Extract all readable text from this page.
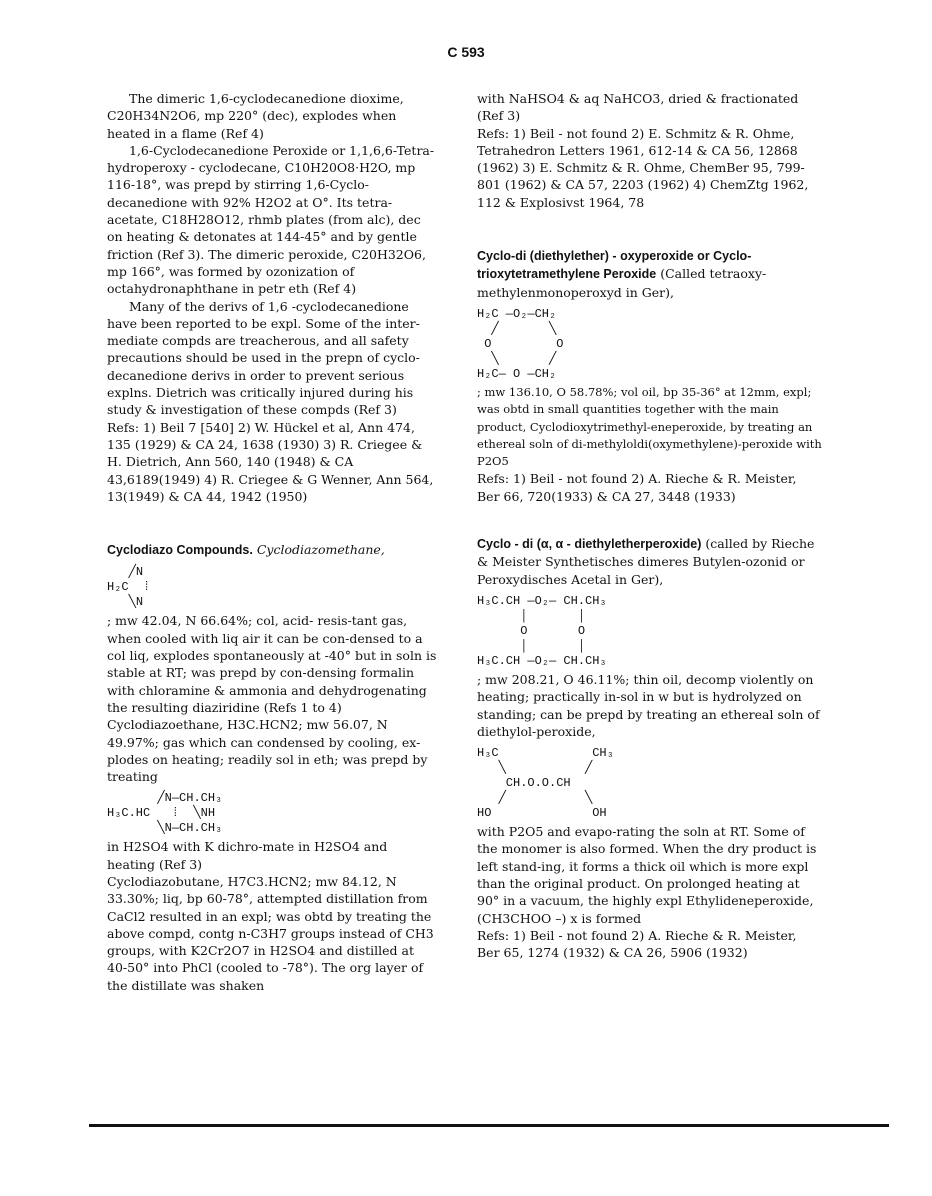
C 593

The dimeric 1,6-cyclodecanedione dioxime, C20H34N2O6, mp 220° (dec), explodes when heated in a flame (Ref 4)

1,6-Cyclodecanedione Peroxide or 1,1,6,6-Tetra-hydroperoxy - cyclodecane, C10H20O8·H2O, mp 116-18°, was prepd by stirring 1,6-Cyclo-decanedione with 92% H2O2 at O°. Its tetra-acetate, C18H28O12, rhmb plates (from alc), dec on heating & detonates at 144-45° and by gentle friction (Ref 3). The dimeric peroxide, C20H32O6, mp 166°, was formed by ozonization of octahydronaphthane in petr eth (Ref 4)

Many of the derivs of 1,6 -cyclodecanedione have been reported to be expl. Some of the inter-mediate compds are treacherous, and all safety precautions should be used in the prepn of cyclo-decanedione derivs in order to prevent serious explns. Dietrich was critically injured during his study & investigation of these compds (Ref 3)

Refs: 1) Beil 7 [540] 2) W. Hückel et al, Ann 474, 135 (1929) & CA 24, 1638 (1930) 3) R. Criegee & H. Dietrich, Ann 560, 140 (1948) & CA 43,6189(1949) 4) R. Criegee & G Wenner, Ann 564, 13(1949) & CA 44, 1942 (1950)

Cyclodiazo Compounds. Cyclodiazomethane,

╱N
H₂C  ⁞
╲N

; mw 42.04, N 66.64%; col, acid- resis-tant gas, when cooled with liq air it can be con-densed to a col liq, explodes spontaneously at -40° but in soln is stable at RT; was prepd by con-densing formalin with chloramine & ammonia and dehydrogenating the resulting diaziridine (Refs 1 to 4)

Cyclodiazoethane, H3C.HCN2; mw 56.07, N 49.97%; gas which can condensed by cooling, ex-plodes on heating; readily sol in eth; was prepd by treating

╱N—CH.CH₃
H₃C.HC   ⁞  ╲NH
╲N—CH.CH₃

in H2SO4 with K dichro-mate in H2SO4 and heating (Ref 3)

Cyclodiazobutane, H7C3.HCN2; mw 84.12, N 33.30%; liq, bp 60-78°, attempted distillation from CaCl2 resulted in an expl; was obtd by treating the above compd, contg n-C3H7 groups instead of CH3 groups, with K2Cr2O7 in H2SO4 and distilled at 40-50° into PhCl (cooled to -78°). The org layer of the distillate was shaken

with NaHSO4 & aq NaHCO3, dried & fractionated (Ref 3)

Refs: 1) Beil - not found 2) E. Schmitz & R. Ohme, Tetrahedron Letters 1961, 612-14 & CA 56, 12868 (1962) 3) E. Schmitz & R. Ohme, ChemBer 95, 799-801 (1962) & CA 57, 2203 (1962) 4) ChemZtg 1962, 112 & Explosivst 1964, 78

Cyclo-di (diethylether) - oxyperoxide or Cyclo-trioxytetramethylene Peroxide (Called tetraoxy-methylenmonoperoxyd in Ger),

H₂C —O₂—CH₂
╱       ╲
O         O
╲       ╱
H₂C— O —CH₂

; mw 136.10, O 58.78%; vol oil, bp 35-36° at 12mm, expl; was obtd in small quantities together with the main product, Cyclodioxytrimethyl-eneperoxide, by treating an ethereal soln of di-methyloldi(oxymethylene)-peroxide with P2O5

Refs: 1) Beil - not found 2) A. Rieche & R. Meister, Ber 66, 720(1933) & CA 27, 3448 (1933)

Cyclo - di (α, α - diethyletherperoxide) (called by Rieche & Meister Synthetisches dimeres Butylen-ozonid or Peroxydisches Acetal in Ger),

H₃C.CH —O₂— CH.CH₃
│       │
O       O
│       │
H₃C.CH —O₂— CH.CH₃

; mw 208.21, O 46.11%; thin oil, decomp violently on heating; practically in-sol in w but is hydrolyzed on standing; can be prepd by treating an ethereal soln of diethylol-peroxide,

H₃C             CH₃
╲           ╱
CH.O.O.CH
╱           ╲
HO              OH

with P2O5 and evapo-rating the soln at RT. Some of the monomer is also formed. When the dry product is left stand-ing, it forms a thick oil which is more expl than the original product. On prolonged heating at 90° in a vacuum, the highly expl Ethylideneperoxide, (CH3CHOO –) x is formed

Refs: 1) Beil - not found 2) A. Rieche & R. Meister, Ber 65, 1274 (1932) & CA 26, 5906 (1932)
